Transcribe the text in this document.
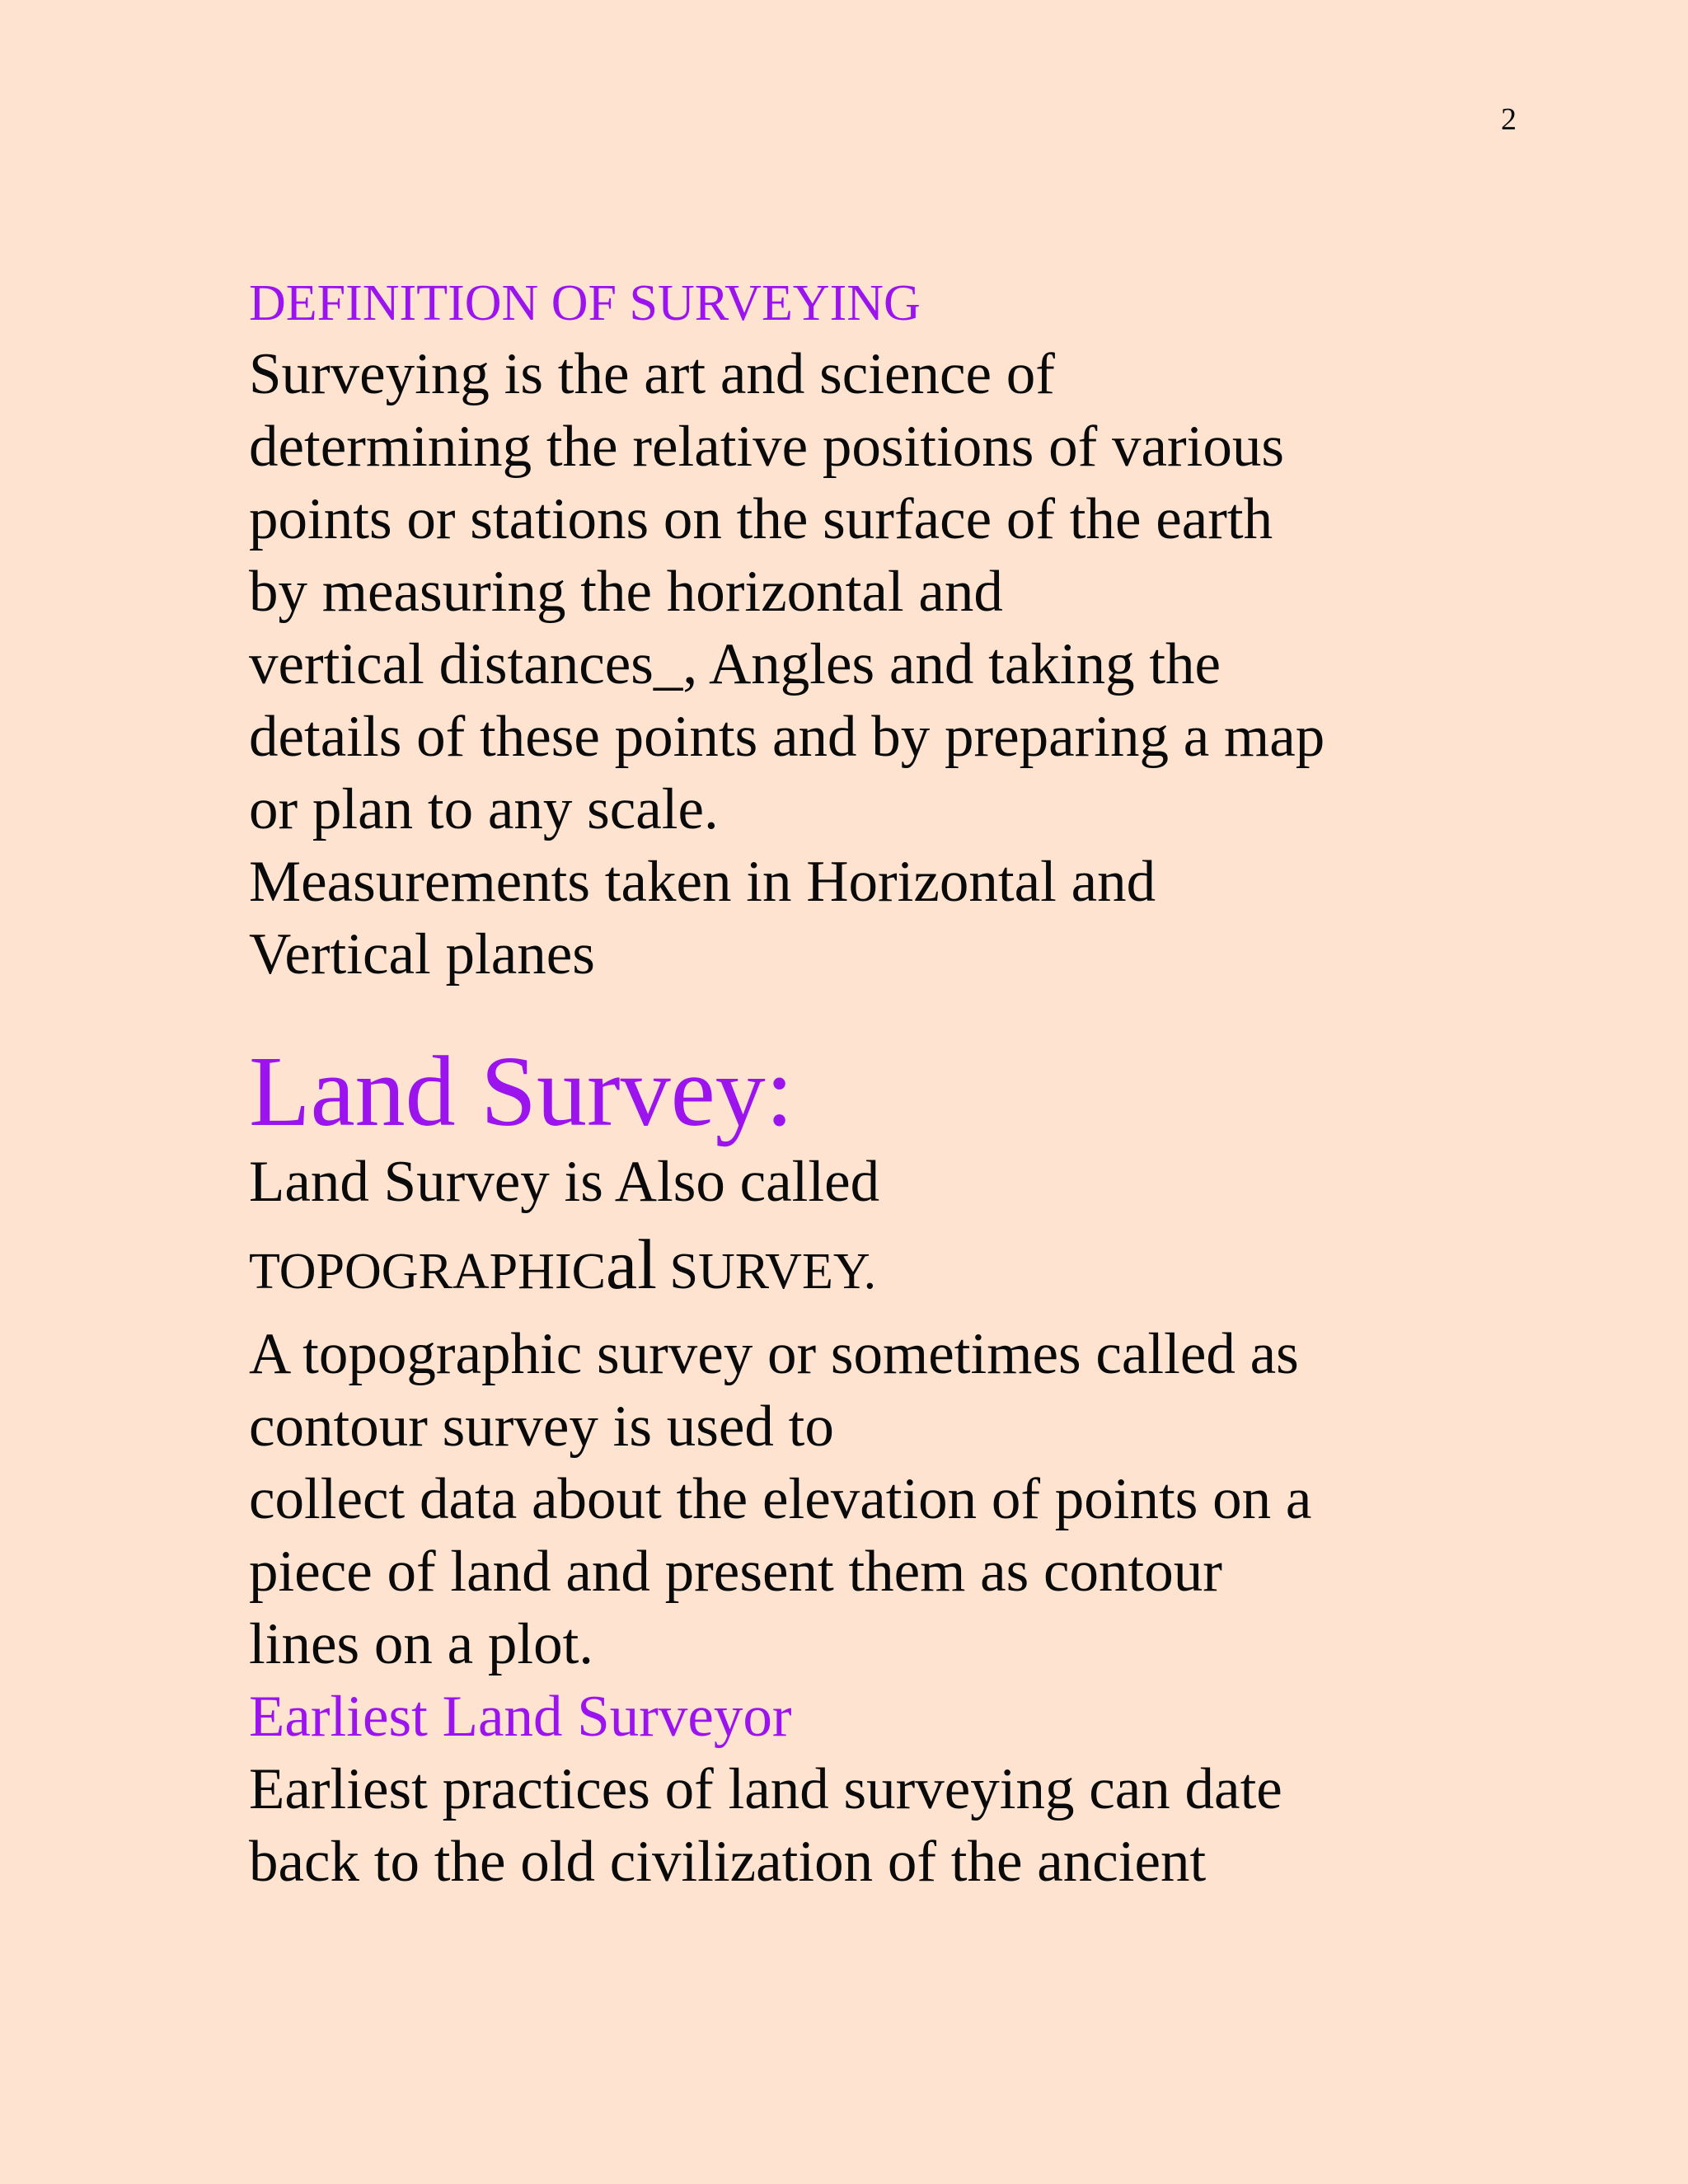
2

DEFINITION OF SURVEYING

Surveying is the art and science of

determining the relative positions of various

points or stations on the surface of the earth

by measuring the horizontal and

vertical distances_, Angles and taking the

details of these points and by preparing a map

or plan to any scale.

Measurements taken in Horizontal and

Vertical planes

Land Survey:

Land Survey is Also called

TOPOGRAPHICal SURVEY.

A topographic survey or sometimes called as

contour survey is used to

collect data about the elevation of points on a

piece of land and present them as contour

lines on a plot.

Earliest Land Surveyor

Earliest practices of land surveying can date

back to the old civilization of the ancient
